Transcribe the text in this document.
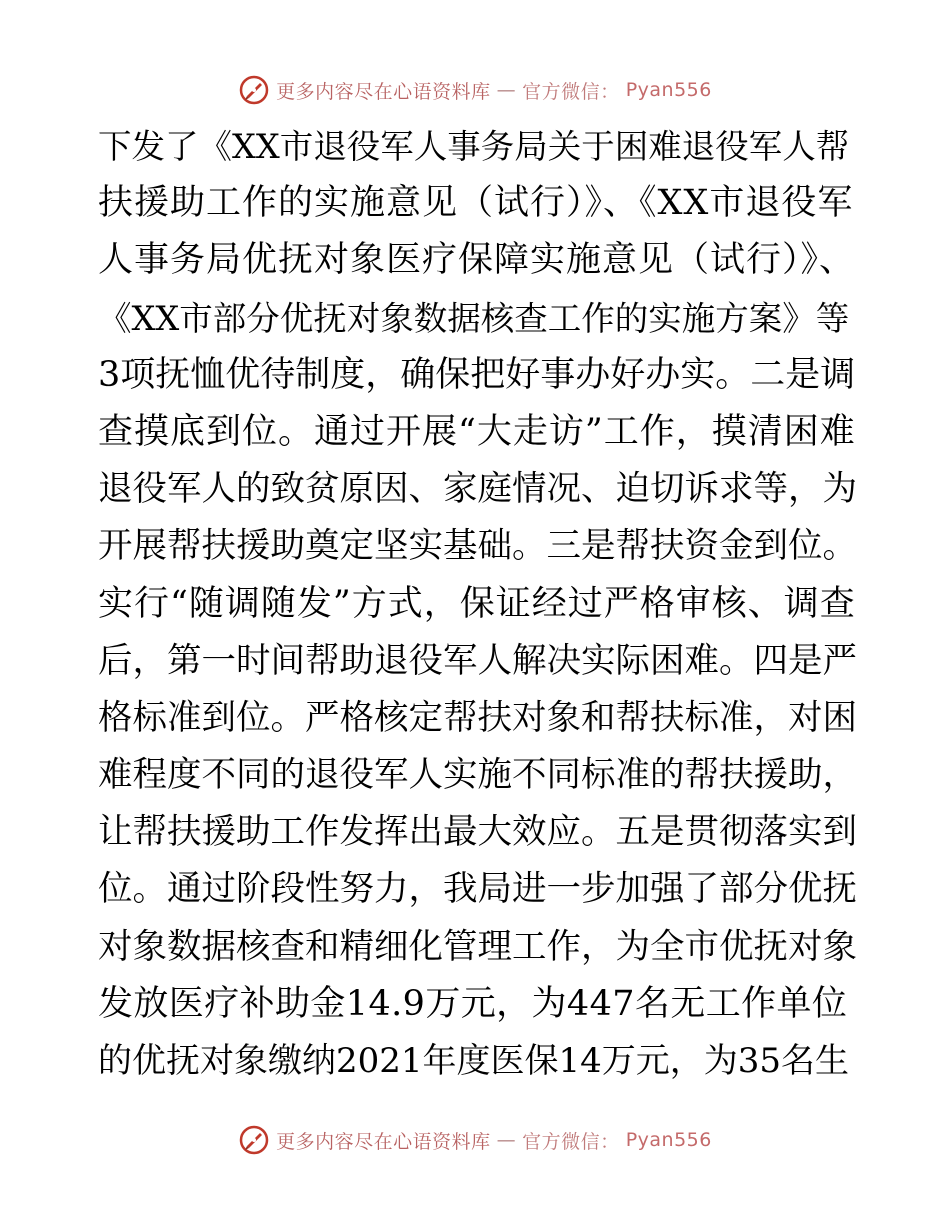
更多内容尽在心语资料库 — 官方微信： Pyan556
下发了《XX市退役军人事务局关于困难退役军人帮
扶援助工作的实施意见（试行）》、《XX市退役军
人事务局优抚对象医疗保障实施意见（试行）》、
《XX市部分优抚对象数据核查工作的实施方案》等
3项抚恤优待制度，确保把好事办好办实。二是调
查摸底到位。通过开展“大走访”工作，摸清困难
退役军人的致贫原因、家庭情况、迫切诉求等，为
开展帮扶援助奠定坚实基础。三是帮扶资金到位。
实行“随调随发”方式，保证经过严格审核、调查
后，第一时间帮助退役军人解决实际困难。四是严
格标准到位。严格核定帮扶对象和帮扶标准，对困
难程度不同的退役军人实施不同标准的帮扶援助，
让帮扶援助工作发挥出最大效应。五是贯彻落实到
位。通过阶段性努力，我局进一步加强了部分优抚
对象数据核查和精细化管理工作，为全市优抚对象
发放医疗补助金14.9万元，为447名无工作单位
的优抚对象缴纳2021年度医保14万元，为35名生
更多内容尽在心语资料库 — 官方微信： Pyan556
